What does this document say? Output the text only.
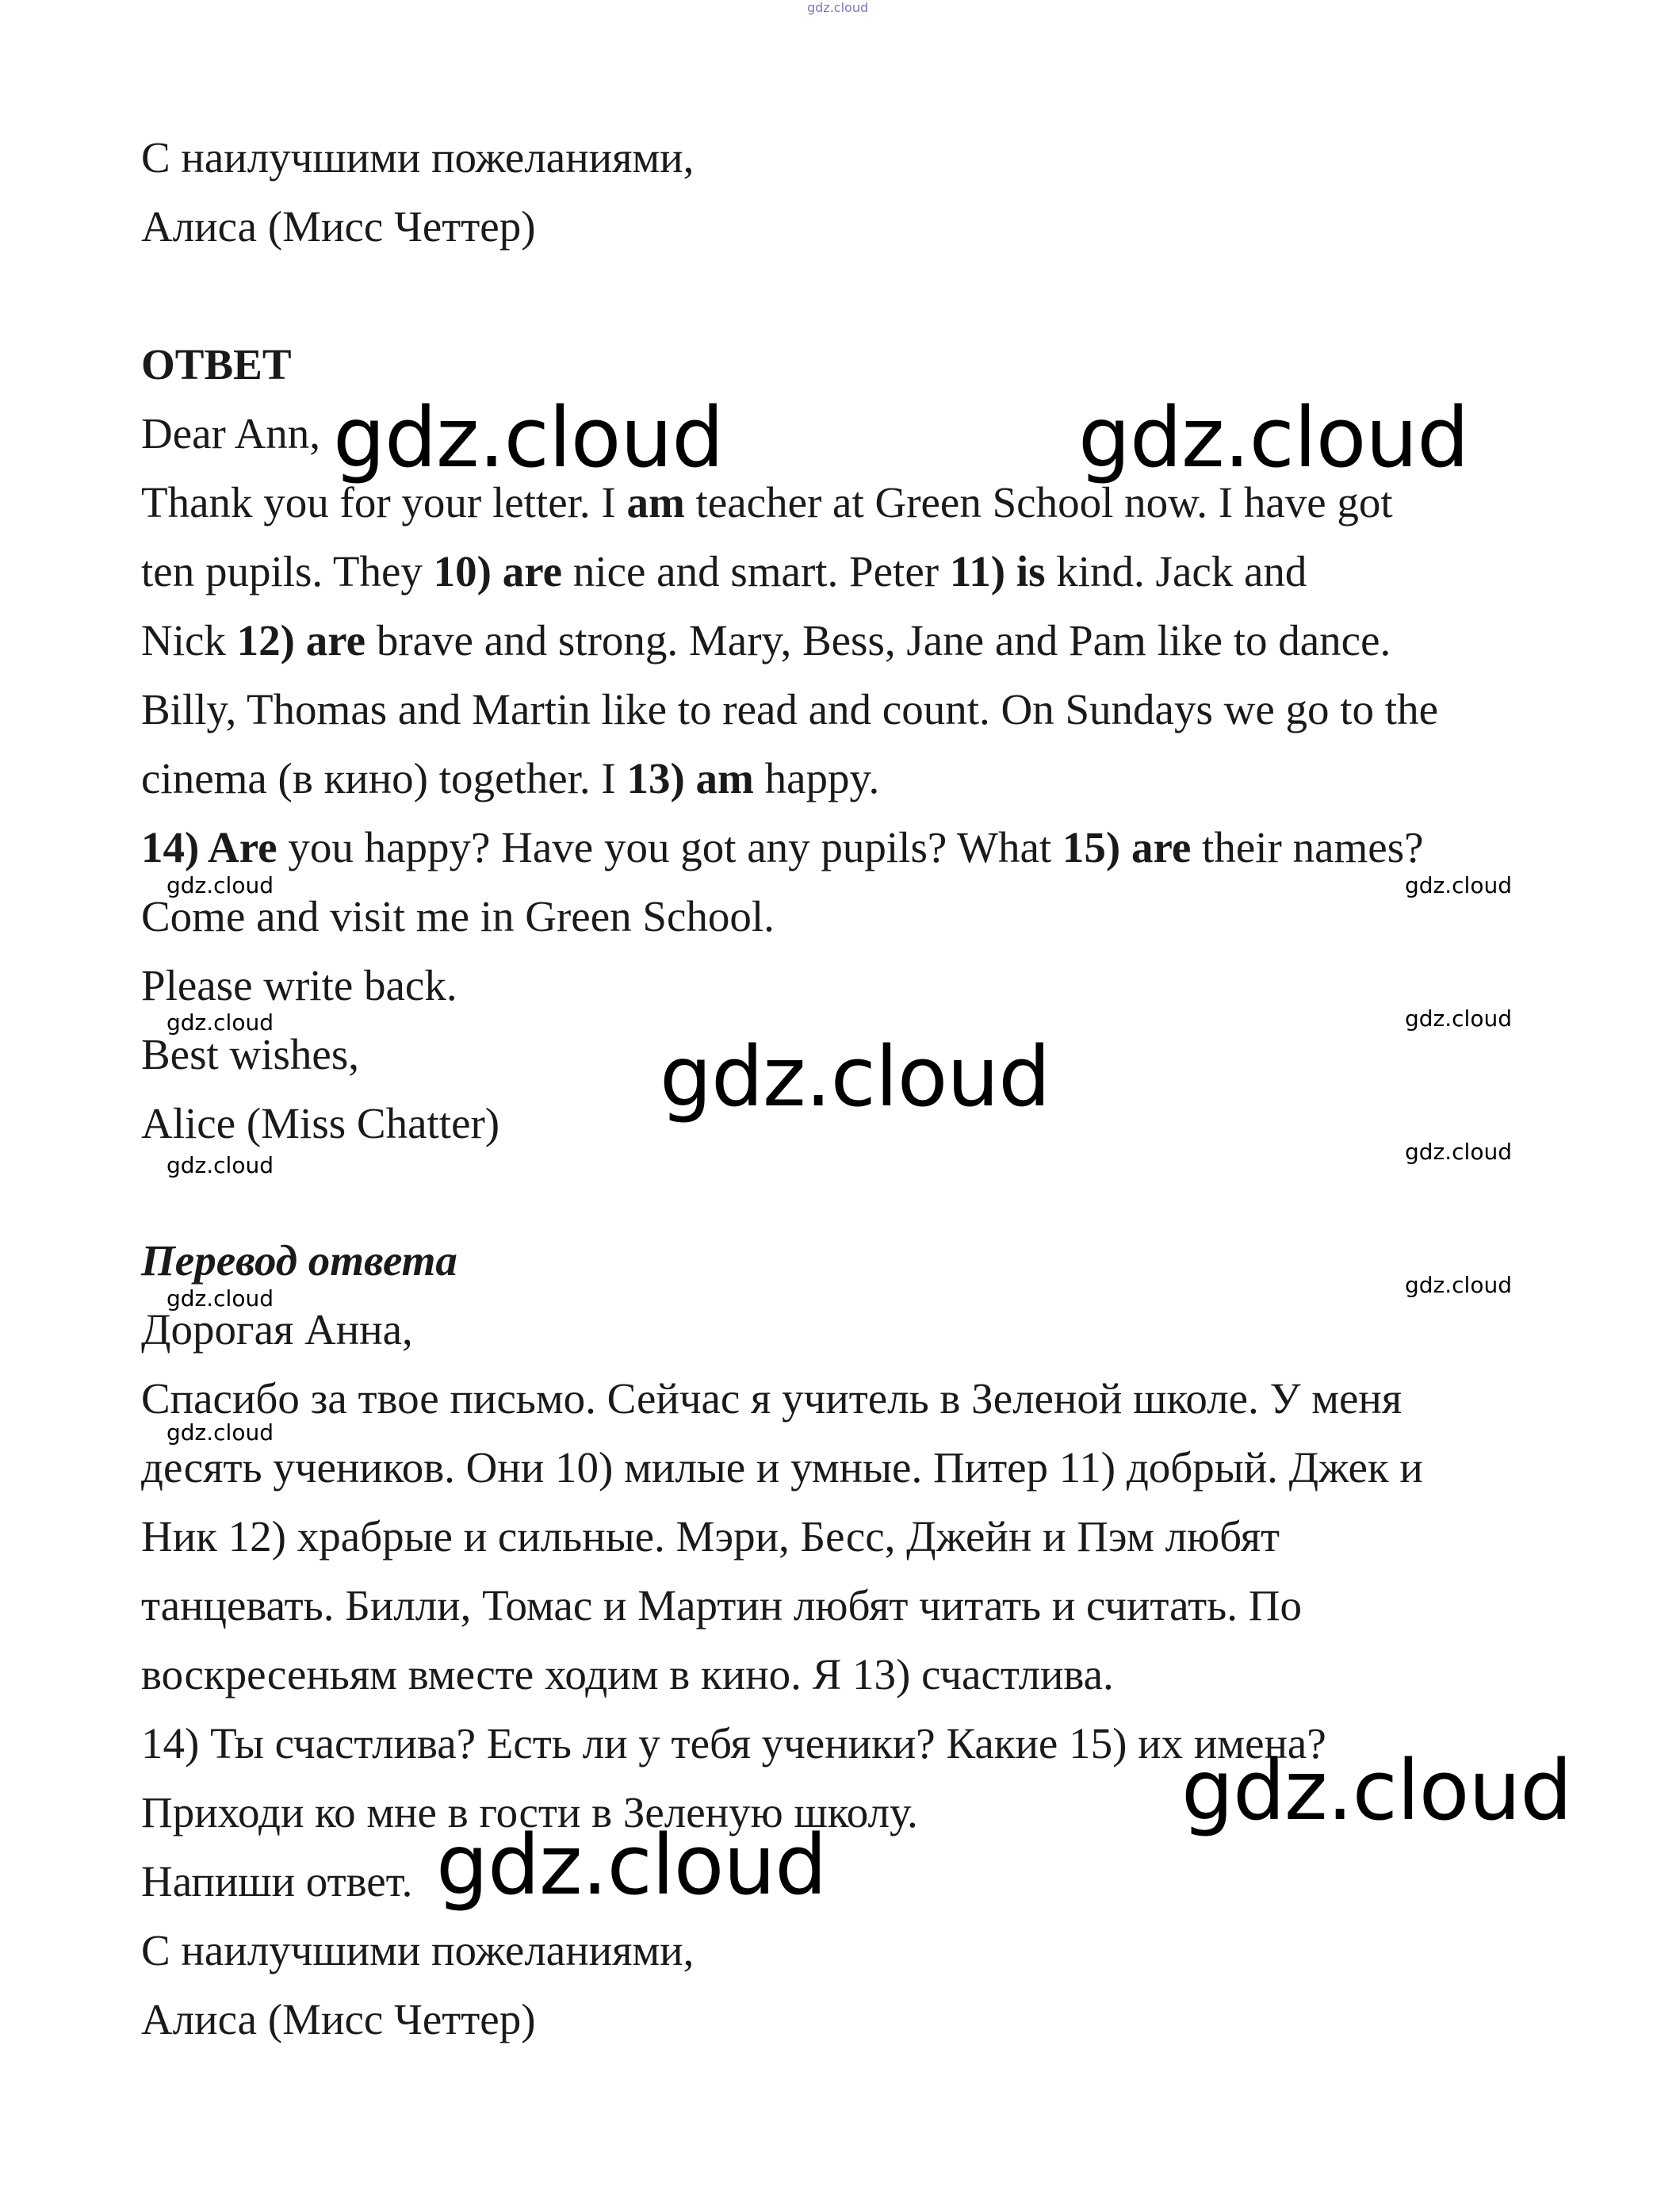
gdz.cloud

С наилучшими пожеланиями,

Алиса (Мисс Четтер)

ОТВЕТ

Dear Ann,

Thank you for your letter. I am teacher at Green School now. I have got

ten pupils. They 10) are nice and smart. Peter 11) is kind. Jack and

Nick 12) are brave and strong. Mary, Bess, Jane and Pam like to dance.

Billy, Thomas and Martin like to read and count. On Sundays we go to the

cinema (в кино) together. I 13) am happy.

14) Are you happy? Have you got any pupils? What 15) are their names?

Come and visit me in Green School.

Please write back.

Best wishes,

Alice (Miss Chatter)

Перевод ответа

Дорогая Анна,

Спасибо за твое письмо. Сейчас я учитель в Зеленой школе. У меня

десять учеников. Они 10) милые и умные. Питер 11) добрый. Джек и

Ник 12) храбрые и сильные. Мэри, Бесс, Джейн и Пэм любят

танцевать. Билли, Томас и Мартин любят читать и считать. По

воскресеньям вместе ходим в кино. Я 13) счастлива.

14) Ты счастлива? Есть ли у тебя ученики? Какие 15) их имена?

Приходи ко мне в гости в Зеленую школу.

Напиши ответ.

С наилучшими пожеланиями,

Алиса (Мисс Четтер)

gdz.cloud	gdz.cloud
gdz.cloud
gdz.cloud
gdz.cloud
gdz.cloud	gdz.cloud
gdz.cloud	gdz.cloud
gdz.cloud
gdz.cloud
gdz.cloud
gdz.cloud
gdz.cloud
